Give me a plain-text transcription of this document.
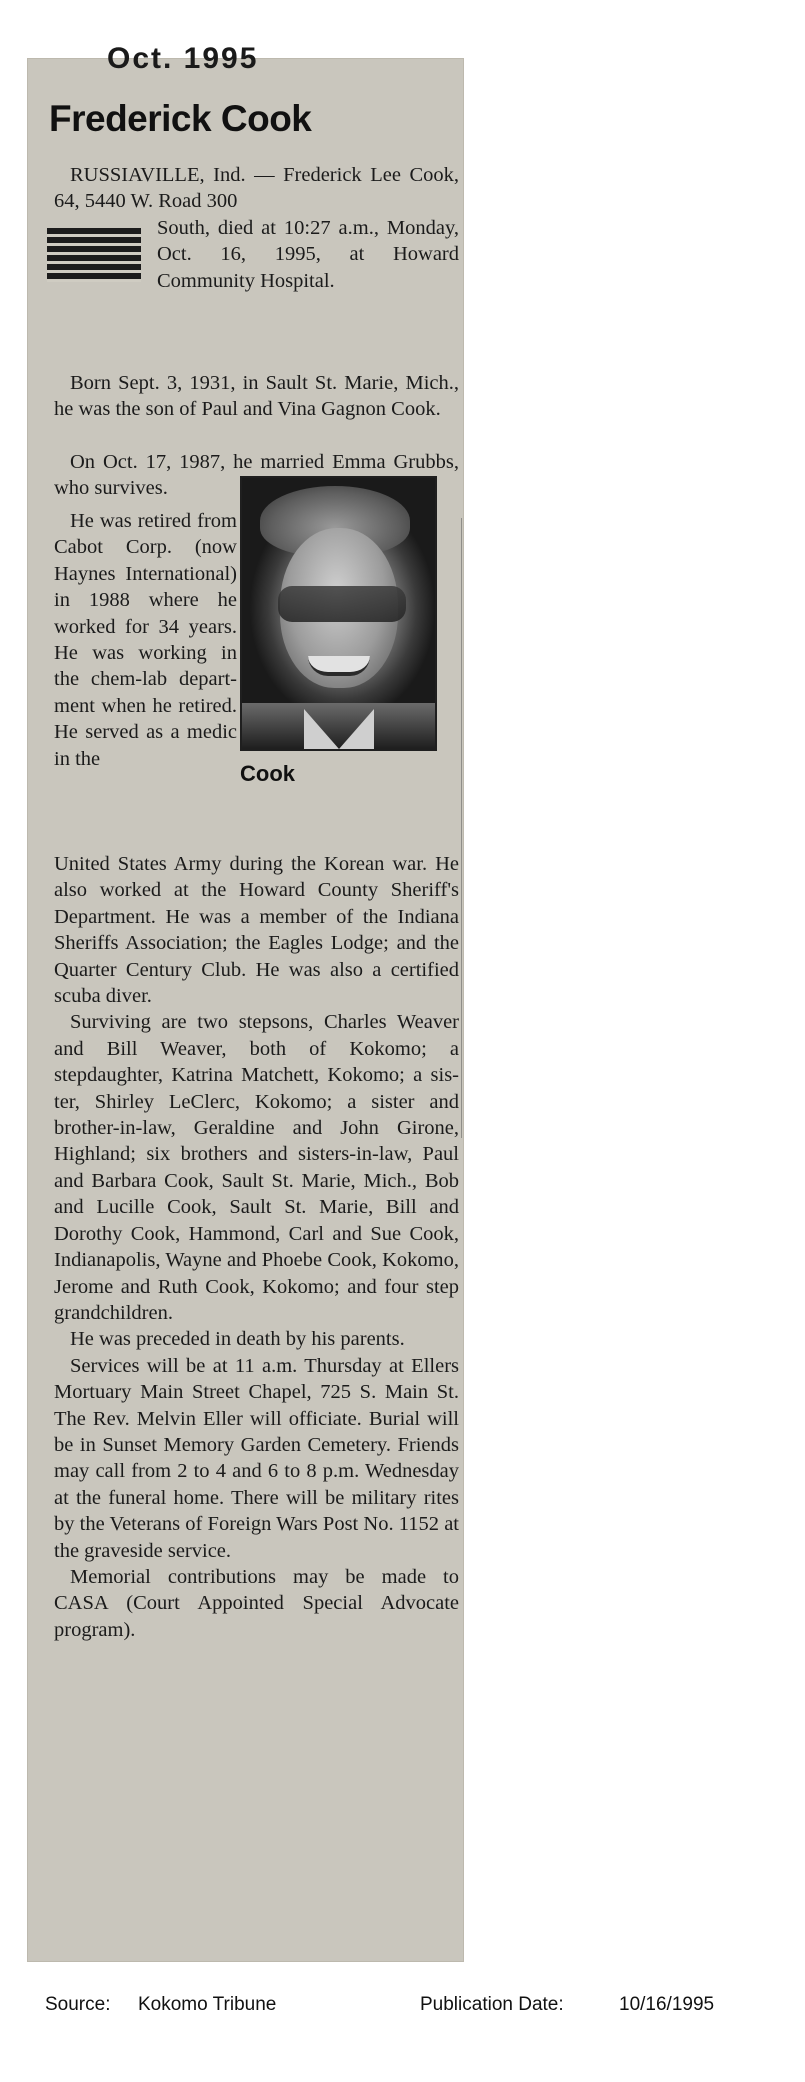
Oct. 1995
Frederick Cook
RUSSIAVILLE, Ind. — Frederick Lee Cook, 64, 5440 W. Road 300
South, died at 10:27 a.m., Monday, Oct. 16, 1995, at Howard Community Hospital.
Born Sept. 3, 1931, in Sault St. Marie, Mich., he was the son of Paul and Vina Gagnon Cook.
On Oct. 17, 1987, he married Emma Grubbs, who survives.
He was retired from Cabot Corp. (now Haynes International) in 1988 where he worked for 34 years. He was working in the chem-lab department when he retired. He served as a medic in the
Cook

United States Army during the Korean war. He also worked at the Howard County Sheriff's Department. He was a member of the Indiana Sheriffs Association; the Eagles Lodge; and the Quarter Century Club. He was also a certified scuba diver.

Surviving are two stepsons, Charles Weaver and Bill Weaver, both of Kokomo; a stepdaughter, Katrina Matchett, Kokomo; a sister, Shirley LeClerc, Kokomo; a sister and brother-in-law, Geraldine and John Girone, Highland; six brothers and sisters-in-law, Paul and Barbara Cook, Sault St. Marie, Mich., Bob and Lucille Cook, Sault St. Marie, Bill and Dorothy Cook, Hammond, Carl and Sue Cook, Indianapolis, Wayne and Phoebe Cook, Kokomo, Jerome and Ruth Cook, Kokomo; and four step grandchildren.

He was preceded in death by his parents.

Services will be at 11 a.m. Thursday at Ellers Mortuary Main Street Chapel, 725 S. Main St. The Rev. Melvin Eller will officiate. Burial will be in Sunset Memory Garden Cemetery. Friends may call from 2 to 4 and 6 to 8 p.m. Wednesday at the funeral home. There will be military rites by the Veterans of Foreign Wars Post No. 1152 at the graveside service.

Memorial contributions may be made to CASA (Court Appointed Special Advocate program).

Source: Kokomo Tribune	Publication Date:	10/16/1995
